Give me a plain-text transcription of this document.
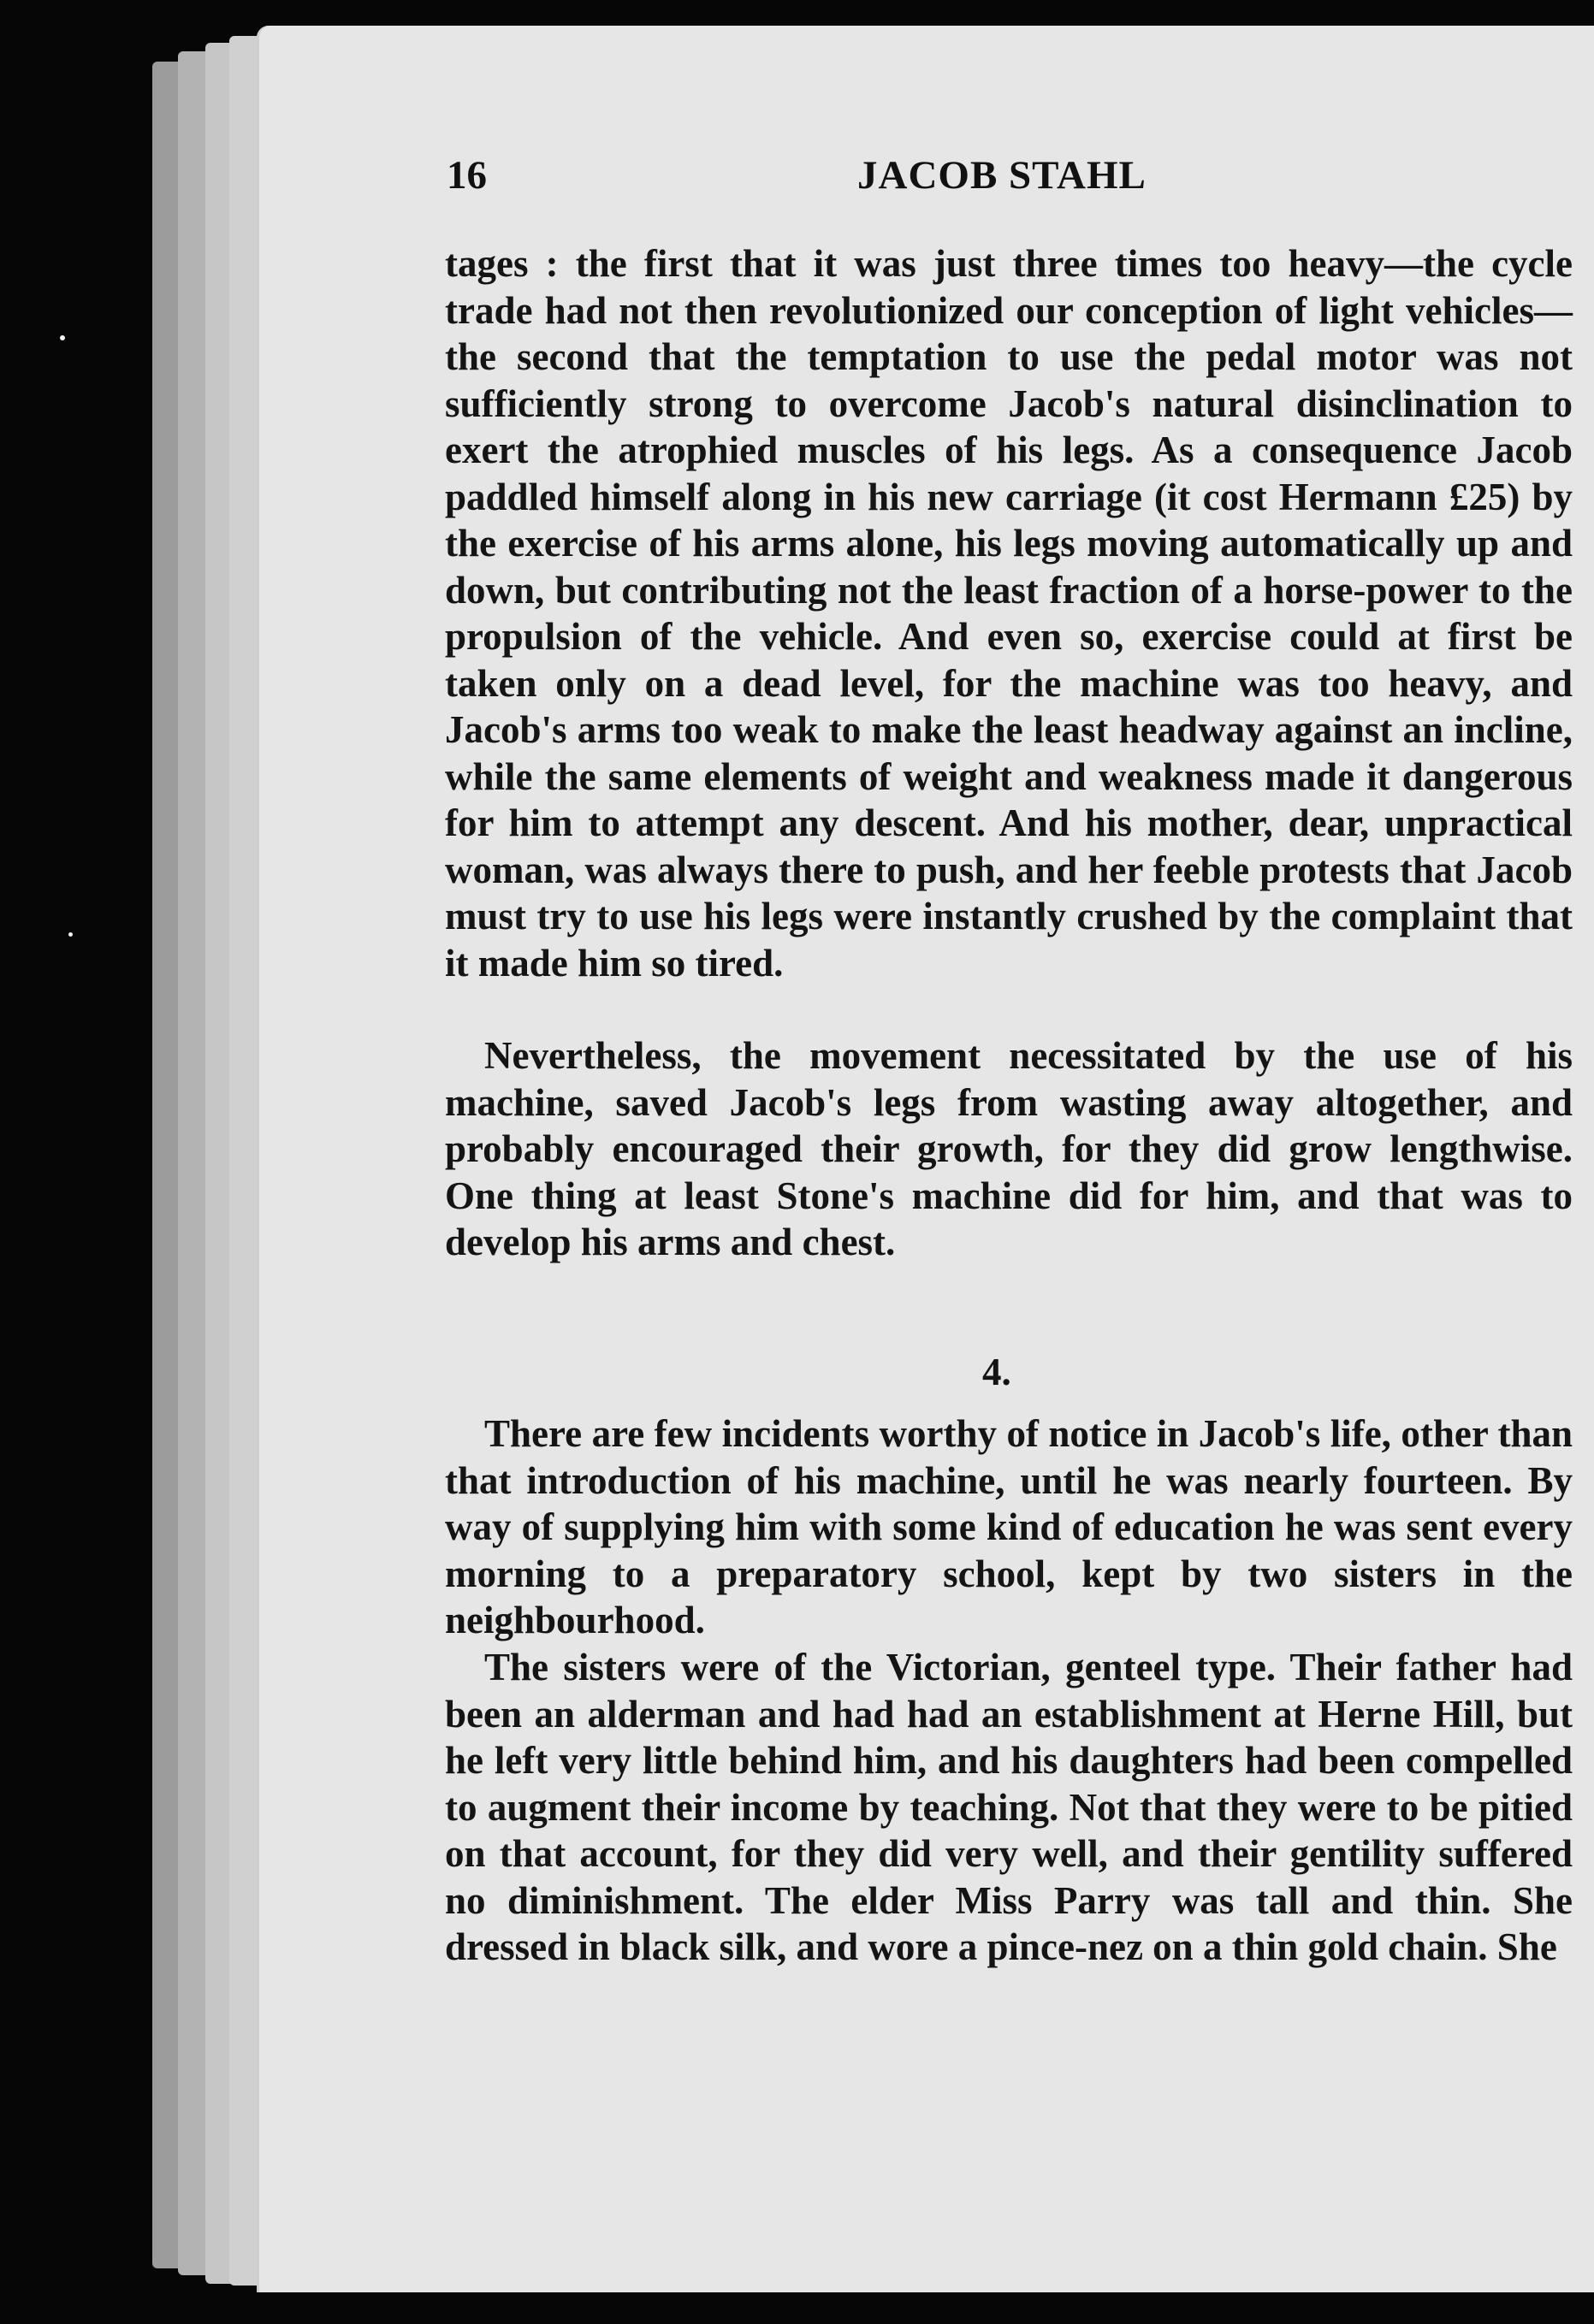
16	JACOB STAHL
tages : the first that it was just three times too heavy—the cycle trade had not then revolutionized our conception of light vehicles—the second that the temptation to use the pedal motor was not sufficiently strong to overcome Jacob's natural disinclination to exert the atrophied muscles of his legs. As a consequence Jacob paddled himself along in his new carriage (it cost Hermann £25) by the exercise of his arms alone, his legs moving automatically up and down, but contributing not the least fraction of a horse-power to the propulsion of the vehicle. And even so, exercise could at first be taken only on a dead level, for the machine was too heavy, and Jacob's arms too weak to make the least headway against an incline, while the same elements of weight and weakness made it dangerous for him to attempt any descent. And his mother, dear, unpractical woman, was always there to push, and her feeble protests that Jacob must try to use his legs were instantly crushed by the complaint that it made him so tired.
Nevertheless, the movement necessitated by the use of his machine, saved Jacob's legs from wasting away altogether, and probably encouraged their growth, for they did grow lengthwise. One thing at least Stone's machine did for him, and that was to develop his arms and chest.
4.
There are few incidents worthy of notice in Jacob's life, other than that introduction of his machine, until he was nearly fourteen. By way of supplying him with some kind of education he was sent every morning to a preparatory school, kept by two sisters in the neighbourhood.
The sisters were of the Victorian, genteel type. Their father had been an alderman and had had an establishment at Herne Hill, but he left very little behind him, and his daughters had been compelled to augment their income by teaching. Not that they were to be pitied on that account, for they did very well, and their gentility suffered no diminishment. The elder Miss Parry was tall and thin. She dressed in black silk, and wore a pince-nez on a thin gold chain. She
